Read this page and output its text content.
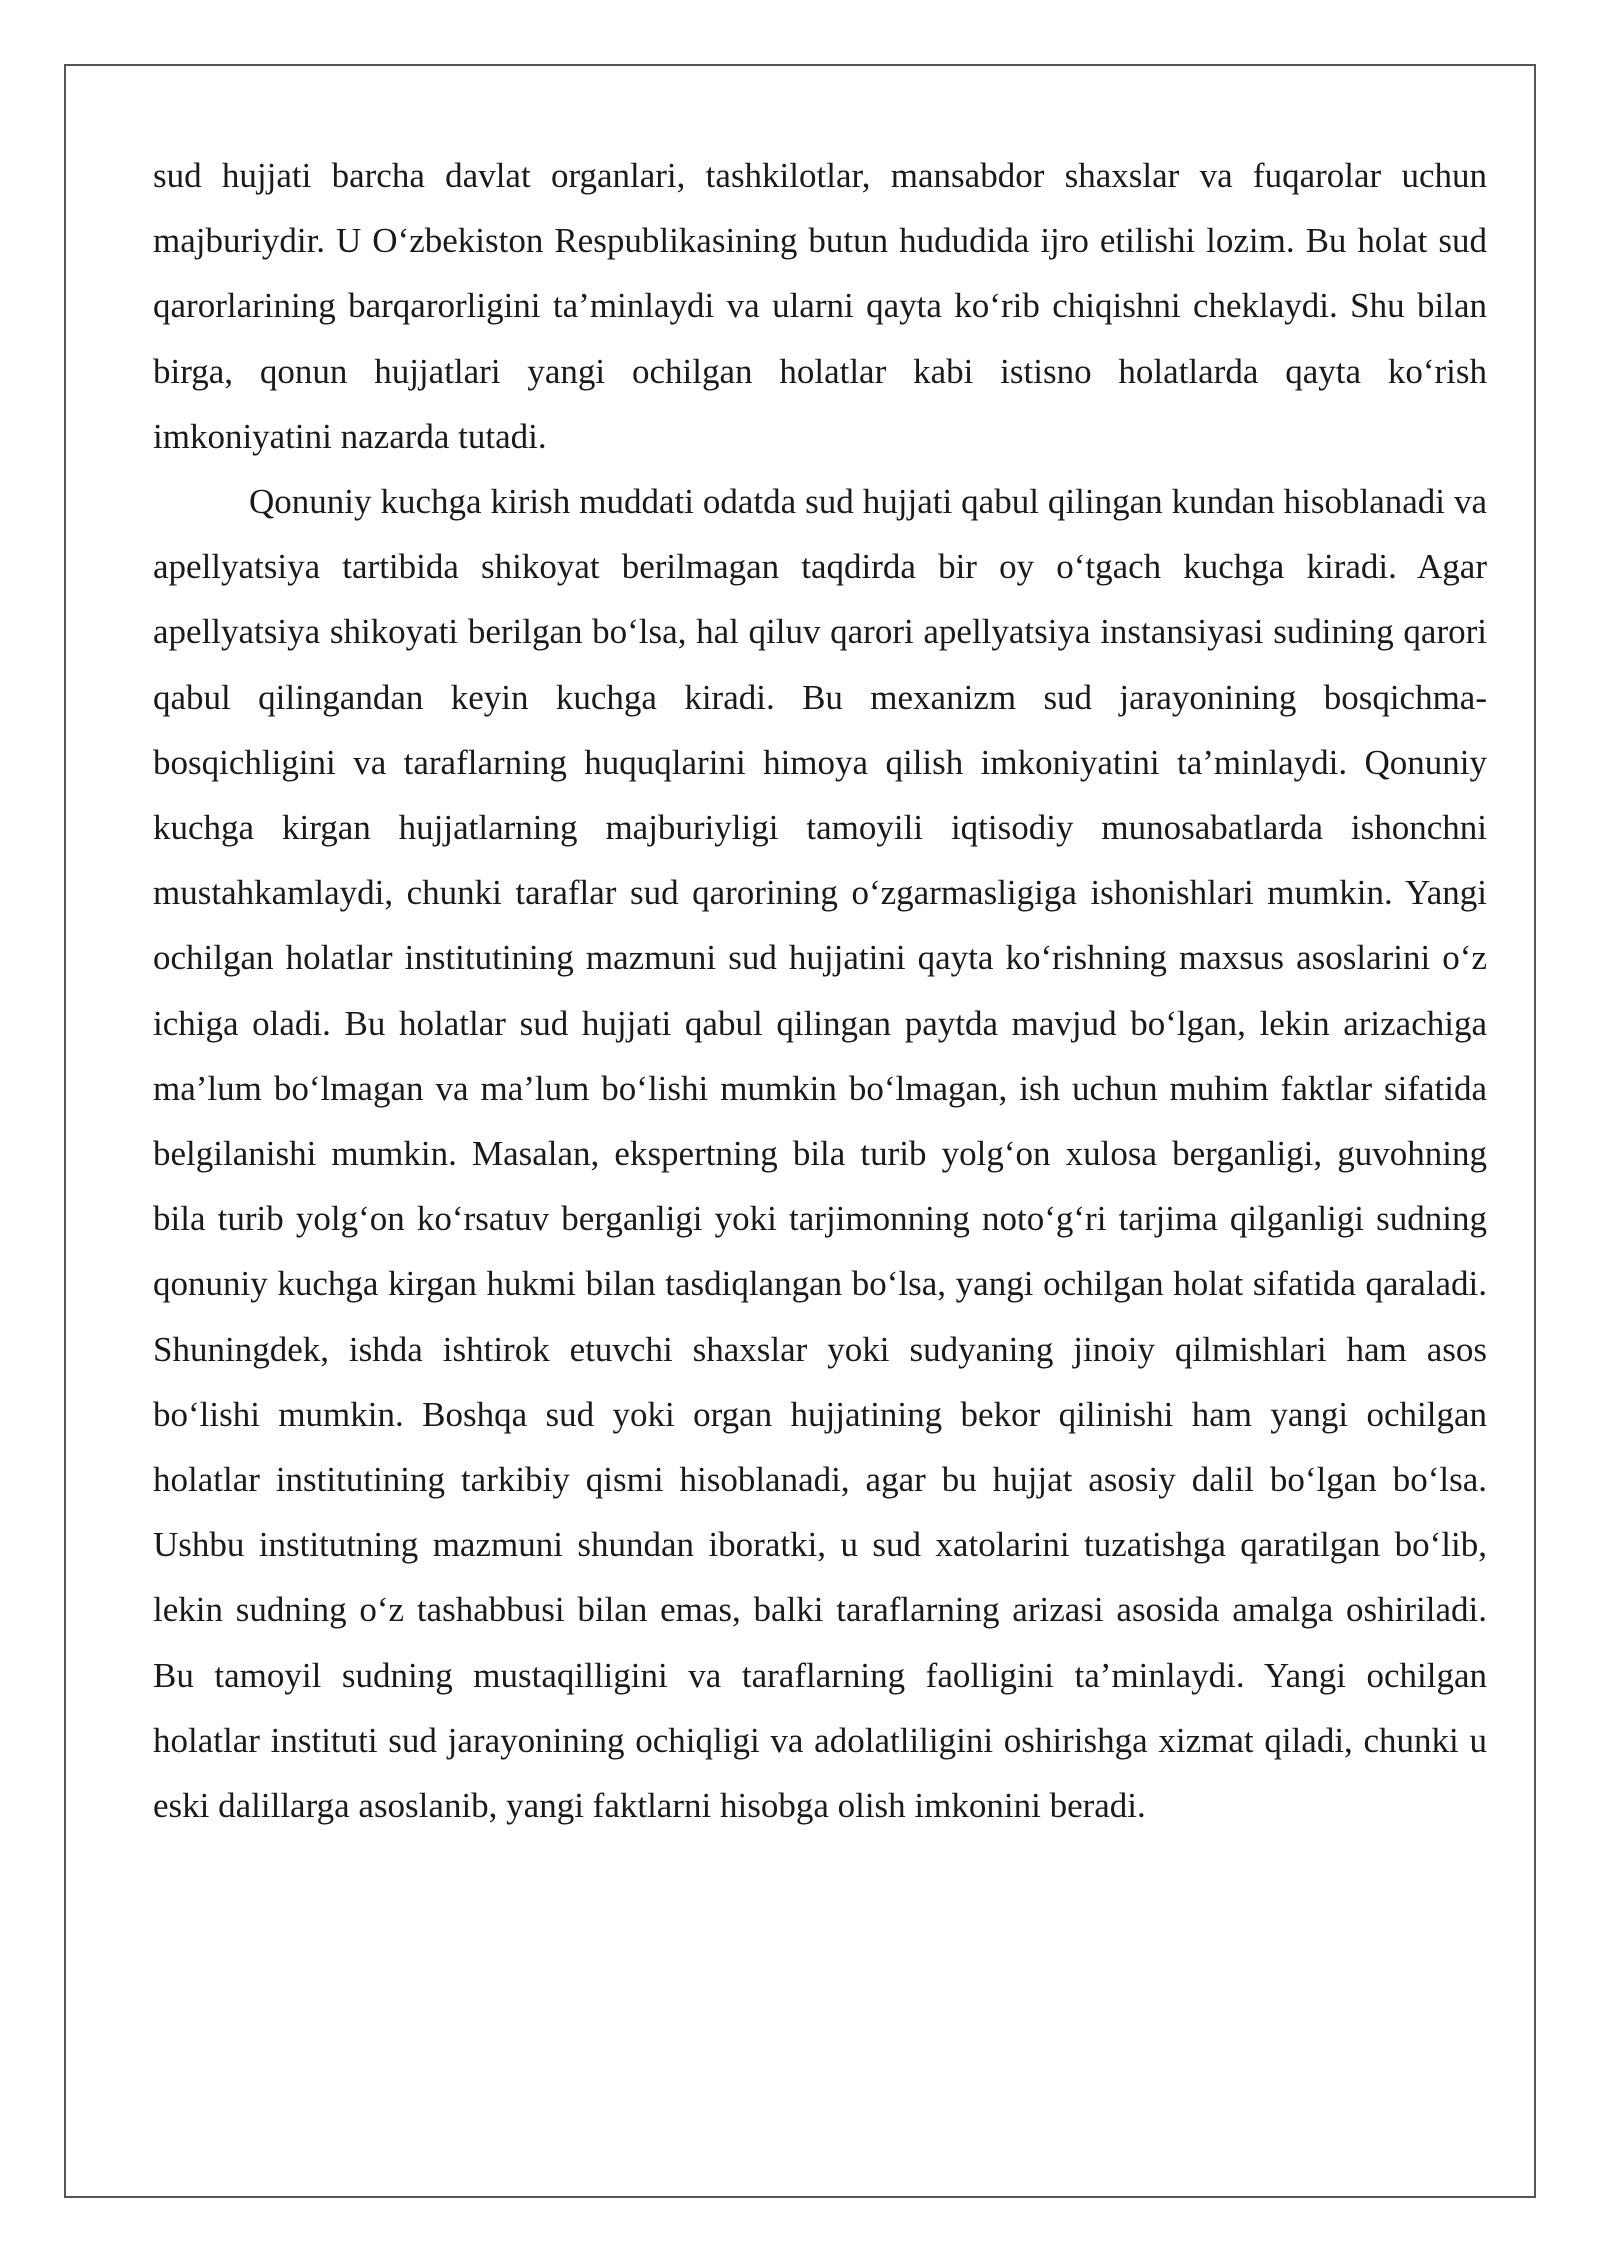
sud hujjati barcha davlat organlari, tashkilotlar, mansabdor shaxslar va fuqarolar uchun majburiydir. U O‘zbekiston Respublikasining butun hududida ijro etilishi lozim. Bu holat sud qarorlarining barqarorligini ta’minlaydi va ularni qayta ko‘rib chiqishni cheklaydi. Shu bilan birga, qonun hujjatlari yangi ochilgan holatlar kabi istisno holatlarda qayta ko‘rish imkoniyatini nazarda tutadi.

Qonuniy kuchga kirish muddati odatda sud hujjati qabul qilingan kundan hisoblanadi va apellyatsiya tartibida shikoyat berilmagan taqdirda bir oy o‘tgach kuchga kiradi. Agar apellyatsiya shikoyati berilgan bo‘lsa, hal qiluv qarori apellyatsiya instansiyasi sudining qarori qabul qilingandan keyin kuchga kiradi. Bu mexanizm sud jarayonining bosqichma-bosqichligini va taraflarning huquqlarini himoya qilish imkoniyatini ta’minlaydi. Qonuniy kuchga kirgan hujjatlarning majburiyligi tamoyili iqtisodiy munosabatlarda ishonchni mustahkamlaydi, chunki taraflar sud qarorining o‘zgarmasligiga ishonishlari mumkin. Yangi ochilgan holatlar institutining mazmuni sud hujjatini qayta ko‘rishning maxsus asoslarini o‘z ichiga oladi. Bu holatlar sud hujjati qabul qilingan paytda mavjud bo‘lgan, lekin arizachiga ma’lum bo‘lmagan va ma’lum bo‘lishi mumkin bo‘lmagan, ish uchun muhim faktlar sifatida belgilanishi mumkin. Masalan, ekspertning bila turib yolg‘on xulosa berganligi, guvohning bila turib yolg‘on ko‘rsatuv berganligi yoki tarjimonning noto‘g‘ri tarjima qilganligi sudning qonuniy kuchga kirgan hukmi bilan tasdiqlangan bo‘lsa, yangi ochilgan holat sifatida qaraladi. Shuningdek, ishda ishtirok etuvchi shaxslar yoki sudyaning jinoiy qilmishlari ham asos bo‘lishi mumkin. Boshqa sud yoki organ hujjatining bekor qilinishi ham yangi ochilgan holatlar institutining tarkibiy qismi hisoblanadi, agar bu hujjat asosiy dalil bo‘lgan bo‘lsa. Ushbu institutning mazmuni shundan iboratki, u sud xatolarini tuzatishga qaratilgan bo‘lib, lekin sudning o‘z tashabbusi bilan emas, balki taraflarning arizasi asosida amalga oshiriladi. Bu tamoyil sudning mustaqilligini va taraflarning faolligini ta’minlaydi. Yangi ochilgan holatlar instituti sud jarayonining ochiqligi va adolatliligini oshirishga xizmat qiladi, chunki u eski dalillarga asoslanib, yangi faktlarni hisobga olish imkonini beradi.
